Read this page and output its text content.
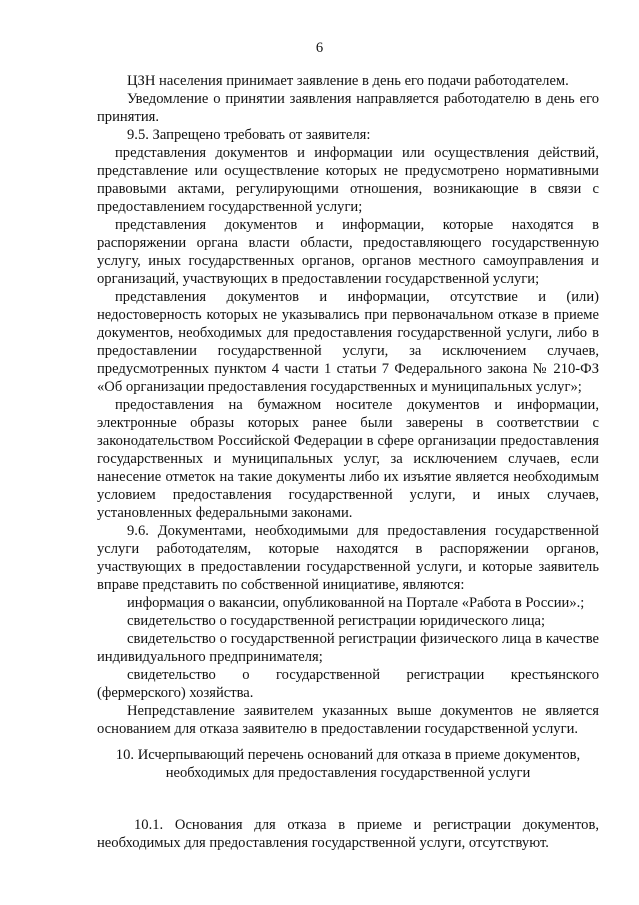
6

ЦЗН населения принимает заявление в день его подачи работодателем.

Уведомление о принятии заявления направляется работодателю в день его принятия.

9.5. Запрещено требовать от заявителя:

представления документов и информации или осуществления действий, представление или осуществление которых не предусмотрено нормативными правовыми актами, регулирующими отношения, возникающие в связи с предоставлением государственной услуги;

представления документов и информации, которые находятся в распоряжении органа власти области, предоставляющего государственную услугу, иных государственных органов, органов местного самоуправления и организаций, участвующих в предоставлении государственной услуги;

представления документов и информации, отсутствие и (или) недостоверность которых не указывались при первоначальном отказе в приеме документов, необходимых для предоставления государственной услуги, либо в предоставлении государственной услуги, за исключением случаев, предусмотренных пунктом 4 части 1 статьи 7 Федерального закона № 210-ФЗ «Об организации предоставления государственных и муниципальных услуг»;

предоставления на бумажном носителе документов и информации, электронные образы которых ранее были заверены в соответствии с законодательством Российской Федерации в сфере организации предоставления государственных и муниципальных услуг, за исключением случаев, если нанесение отметок на такие документы либо их изъятие является необходимым условием предоставления государственной услуги, и иных случаев, установленных федеральными законами.

9.6. Документами, необходимыми для предоставления государственной услуги работодателям, которые находятся в распоряжении органов, участвующих в предоставлении государственной услуги, и которые заявитель вправе представить по собственной инициативе, являются:

информация о вакансии, опубликованной на Портале «Работа в России».;

свидетельство о государственной регистрации юридического лица;

свидетельство о государственной регистрации физического лица в качестве индивидуального предпринимателя;

свидетельство о государственной регистрации крестьянского (фермерского) хозяйства.

Непредставление заявителем указанных выше документов не является основанием для отказа заявителю в предоставлении государственной услуги.

10. Исчерпывающий перечень оснований для отказа в приеме документов, необходимых для предоставления государственной услуги

10.1. Основания для отказа в приеме и регистрации документов, необходимых для предоставления государственной услуги, отсутствуют.
